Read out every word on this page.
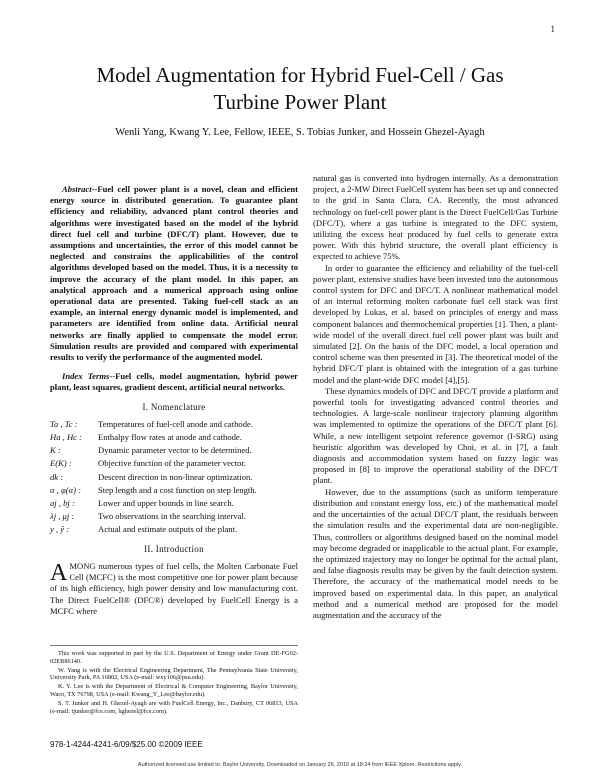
1
Model Augmentation for Hybrid Fuel-Cell / Gas Turbine Power Plant
Wenli Yang, Kwang Y. Lee, Fellow, IEEE, S. Tobias Junker, and Hossein Ghezel-Ayagh

Abstract--Fuel cell power plant is a novel, clean and efficient energy source in distributed generation. To guarantee plant efficiency and reliability, advanced plant control theories and algorithms were investigated based on the model of the hybrid direct fuel cell and turbine (DFC/T) plant. However, due to assumptions and uncertainties, the error of this model cannot be neglected and constrains the applicabilities of the control algorithms developed based on the model. Thus, it is a necessity to improve the accuracy of the plant model. In this paper, an analytical approach and a numerical approach using online operational data are presented. Taking fuel-cell stack as an example, an internal energy dynamic model is implemented, and parameters are identified from online data. Artificial neural networks are finally applied to compensate the model error. Simulation results are provided and compared with experimental results to verify the performance of the augmented model.

Index Terms--Fuel cells, model augmentation, hybrid power plant, least squares, gradient descent, artificial neural networks.

I. Nomenclature
Ta , Tc :	Temperatures of fuel-cell anode and cathode.
Ha , Hc :	Enthalpy flow rates at anode and cathode.
K :	Dynamic parameter vector to be determined.
E(K) :	Objective function of the parameter vector.
dk :	Descent direction in non-linear optimization.
α , φ(α) :	Step length and a cost function on step length.
aj , bj :	Lower and upper bounds in line search.
λj , μj :	Two observations in the searching interval.
y , ŷ :	Actual and estimate outputs of the plant.
II. Introduction

AMONG numerous types of fuel cells, the Molten Carbonate Fuel Cell (MCFC) is the most competitive one for power plant because of its high efficiency, high power density and low manufacturing cost. The Direct FuelCell® (DFC®) developed by FuelCell Energy is a MCFC where

This work was supported in part by the U.S. Department of Energy under Grant DE-FG02-02ER86140.

W. Yang is with the Electrical Engineering Department, The Pennsylvania State University, University Park, PA 16802, USA (e-mail: wxy106@psu.edu).

K. Y. Lee is with the Department of Electrical & Computer Engineering, Baylor University, Waco, TX 76798, USA (e-mail: Kwang_Y_Lee@baylor.edu).

S. T. Junker and H. Ghezel-Ayagh are with FuelCell Energy, Inc., Danbury, CT 06813, USA (e-mail: tjunker@fce.com, hghezel@fce.com).

natural gas is converted into hydrogen internally. As a demonstration project, a 2-MW Direct FuelCell system has been set up and connected to the grid in Santa Clara, CA. Recently, the most advanced technology on fuel-cell power plant is the Direct FuelCell/Gas Turbine (DFC/T), where a gas turbine is integrated to the DFC system, utilizing the excess heat produced by fuel cells to generate extra power. With this hybrid structure, the overall plant efficiency is expected to achieve 75%.

In order to guarantee the efficiency and reliability of the fuel-cell power plant, extensive studies have been invested into the autonomous control system for DFC and DFC/T. A nonlinear mathematical model of an internal reforming molten carbonate fuel cell stack was first developed by Lukas, et al. based on principles of energy and mass component balances and thermochemical properties [1]. Then, a plant-wide model of the overall direct fuel cell power plant was built and simulated [2]. On the basis of the DFC model, a local operation and control scheme was then presented in [3]. The theoretical model of the hybrid DFC/T plant is obtained with the integration of a gas turbine model and the plant-wide DFC model [4],[5].

These dynamics models of DFC and DFC/T provide a platform and powerful tools for investigating advanced control theories and technologies. A large-scale nonlinear trajectory planning algorithm was implemented to optimize the operations of the DFC/T plant [6]. While, a new intelligent setpoint reference governor (I-SRG) using heuristic algorithm was developed by Choi, et al. in [7], a fault diagnosis and accommodation system based on fuzzy logic was proposed in [8] to improve the operational stability of the DFC/T plant.

However, due to the assumptions (such as uniform temperature distribution and constant energy loss, etc.) of the mathematical model and the uncertainties of the actual DFC/T plant, the residuals between the simulation results and the experimental data are non-negligible. Thus, controllers or algorithms designed based on the nominal model may become degraded or inapplicable to the actual plant. For example, the optimized trajectory may no longer be optimal for the actual plant, and false diagnosis results may be given by the fault detection system. Therefore, the accuracy of the mathematical model needs to be improved based on experimental data. In this paper, an analytical method and a numerical method are proposed for the model augmentation and the accuracy of the

978-1-4244-4241-6/09/$25.00 ©2009 IEEE
Authorized licensed use limited to: Baylor University. Downloaded on January 26, 2010 at 18:24 from IEEE Xplore. Restrictions apply.
